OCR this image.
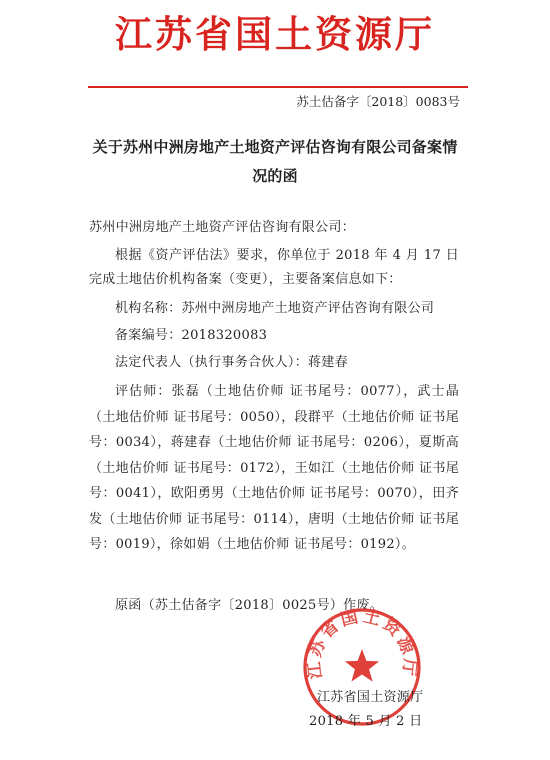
江苏省国土资源厅
苏土估备字〔2018〕0083号
关于苏州中洲房地产土地资产评估咨询有限公司备案情况的函
苏州中洲房地产土地资产评估咨询有限公司：
根据《资产评估法》要求，你单位于 2018 年 4 月 17 日完成土地估价机构备案（变更），主要备案信息如下：
机构名称：苏州中洲房地产土地资产评估咨询有限公司
备案编号：2018320083
法定代表人（执行事务合伙人）：蒋建春
评估师：张磊（土地估价师 证书尾号：0077），武士晶（土地估价师 证书尾号：0050），段群平（土地估价师 证书尾号：0034），蒋建春（土地估价师 证书尾号：0206），夏斯高（土地估价师 证书尾号：0172），王如江（土地估价师 证书尾号：0041），欧阳勇男（土地估价师 证书尾号：0070），田齐发（土地估价师 证书尾号：0114），唐明（土地估价师 证书尾号：0019），徐如娟（土地估价师 证书尾号：0192）。
原函（苏土估备字〔2018〕0025号）作废。
江苏省国土资源厅
江苏省国土资源厅
2018 年 5 月 2 日
